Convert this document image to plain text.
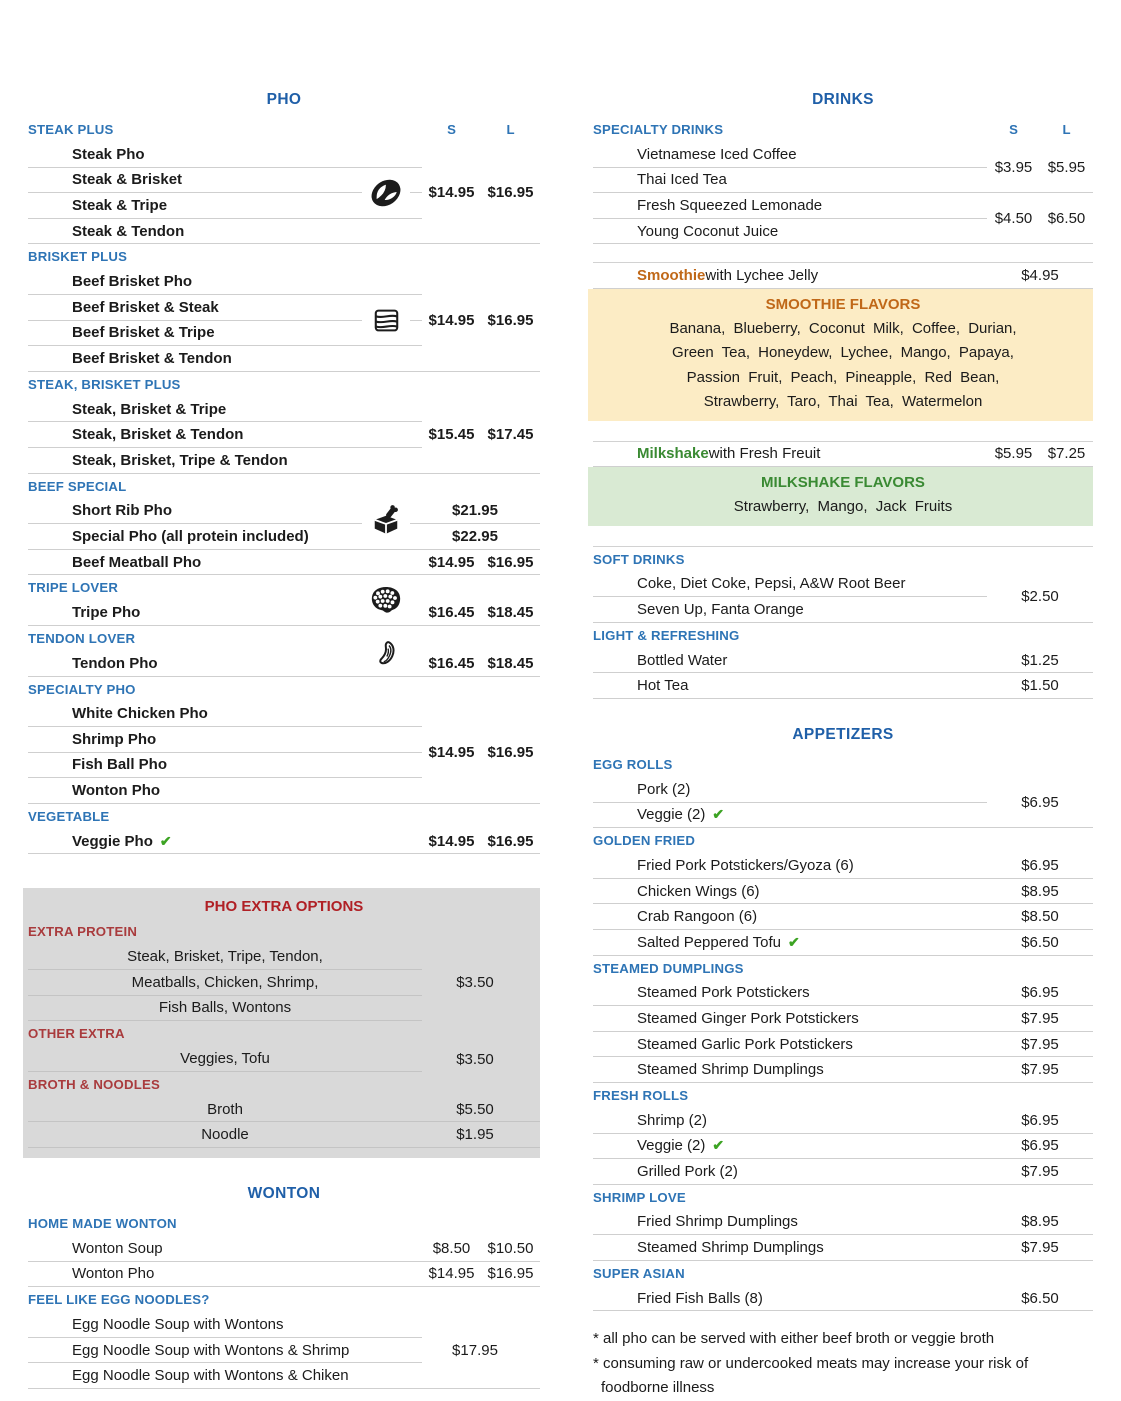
PHO
STEAK PLUS	S	L
Steak Pho
Steak & Brisket
Steak & Tripe
Steak & Tendon
$14.95 $16.95
BRISKET PLUS
Beef Brisket Pho
Beef Brisket & Steak
Beef Brisket & Tripe
Beef Brisket & Tendon
$14.95 $16.95
STEAK, BRISKET PLUS
Steak, Brisket & Tripe
Steak, Brisket & Tendon
Steak, Brisket, Tripe & Tendon
$15.45 $17.45
BEEF SPECIAL
Short Rib Pho	$21.95
Special Pho (all protein included)	$22.95
Beef Meatball Pho	$14.95 $16.95
TRIPE LOVER
Tripe Pho	$16.45 $18.45
TENDON LOVER
Tendon Pho	$16.45 $18.45
SPECIALTY PHO
White Chicken Pho
Shrimp Pho
Fish Ball Pho
Wonton Pho
$14.95 $16.95
VEGETABLE
Veggie Pho ✔	$14.95 $16.95
PHO EXTRA OPTIONS
EXTRA PROTEIN
Steak, Brisket, Tripe, Tendon,
Meatballs, Chicken, Shrimp,
Fish Balls, Wontons
$3.50
OTHER EXTRA
Veggies, Tofu	$3.50
BROTH & NOODLES
Broth	$5.50
Noodle	$1.95
WONTON
HOME MADE WONTON
Wonton Soup	$8.50	$10.50
Wonton Pho	$14.95 $16.95
FEEL LIKE EGG NOODLES?
Egg Noodle Soup with Wontons
Egg Noodle Soup with Wontons & Shrimp
Egg Noodle Soup with Wontons & Chiken
$17.95
DRINKS
SPECIALTY DRINKS	S	L
Vietnamese Iced Coffee
Thai Iced Tea
$3.95	$5.95
Fresh Squeezed Lemonade
Young Coconut Juice
$4.50	$6.50
Smoothie with Lychee Jelly	$4.95
SMOOTHIE FLAVORS
Banana, Blueberry, Coconut Milk, Coffee, Durian,
Green Tea, Honeydew, Lychee, Mango, Papaya,
Passion Fruit, Peach, Pineapple, Red Bean,
Strawberry, Taro, Thai Tea, Watermelon
Milkshake with Fresh Freuit	$5.95	$7.25
MILKSHAKE FLAVORS
Strawberry, Mango, Jack Fruits
SOFT DRINKS
Coke, Diet Coke, Pepsi, A&W Root Beer
Seven Up, Fanta Orange
$2.50
LIGHT & REFRESHING
Bottled Water	$1.25
Hot Tea	$1.50
APPETIZERS
EGG ROLLS
Pork (2)
Veggie (2) ✔
$6.95
GOLDEN FRIED
Fried Pork Potstickers/Gyoza (6)	$6.95
Chicken Wings (6)	$8.95
Crab Rangoon (6)	$8.50
Salted Peppered Tofu ✔	$6.50
STEAMED DUMPLINGS
Steamed Pork Potstickers	$6.95
Steamed Ginger Pork Potstickers	$7.95
Steamed Garlic Pork Potstickers	$7.95
Steamed Shrimp Dumplings	$7.95
FRESH ROLLS
Shrimp (2)	$6.95
Veggie (2) ✔	$6.95
Grilled Pork (2)	$7.95
SHRIMP LOVE
Fried Shrimp Dumplings	$8.95
Steamed Shrimp Dumplings	$7.95
SUPER ASIAN
Fried Fish Balls (8)	$6.50
* all pho can be served with either beef broth or veggie broth
* consuming raw or undercooked meats may increase your risk of
foodborne illness
